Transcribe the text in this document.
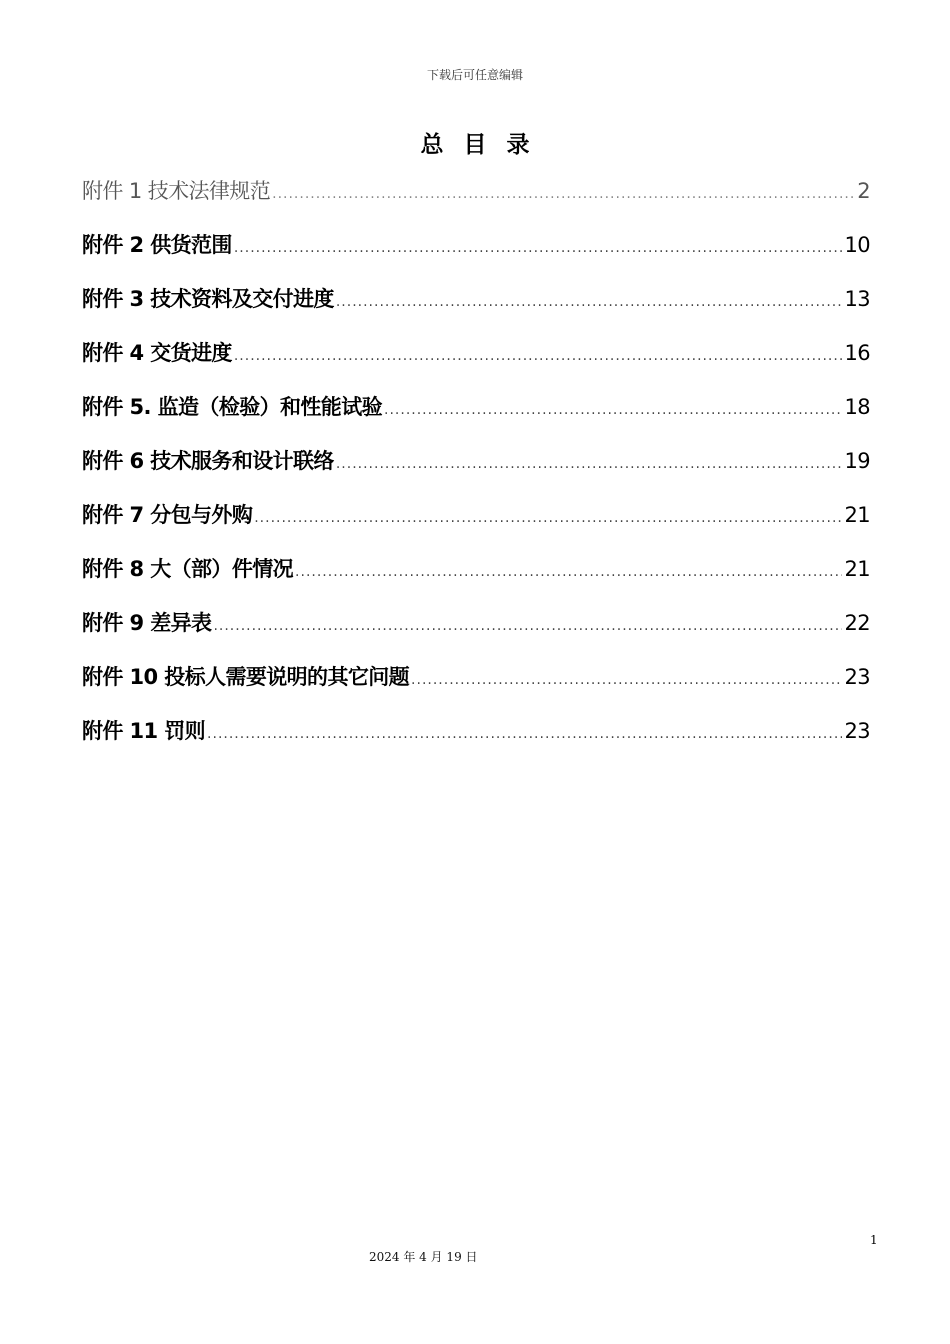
下载后可任意编辑
总目录
附件 1 技术法律规范 .....	2
附件 2 供货范围 .....	10
附件 3 技术资料及交付进度 .....	13
附件 4 交货进度 .....	16
附件 5. 监造（检验）和性能试验 .....	18
附件 6 技术服务和设计联络 .....	19
附件 7 分包与外购 .....	21
附件 8 大（部）件情况 .....	21
附件 9 差异表 .....	22
附件 10 投标人需要说明的其它问题 .....	23
附件 11 罚则 .....	23
1
2024 年 4 月 19 日
